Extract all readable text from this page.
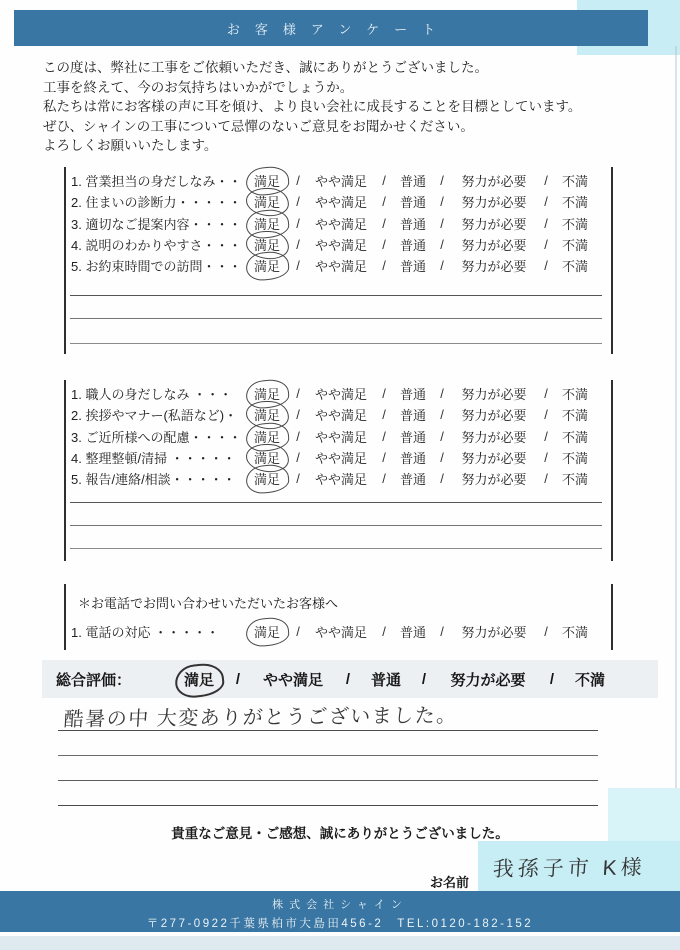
お客様アンケート
この度は、弊社に工事をご依頼いただき、誠にありがとうございました。
工事を終えて、今のお気持ちはいかがでしょうか。
私たちは常にお客様の声に耳を傾け、より良い会社に成長することを目標としています。
ぜひ、シャインの工事について忌憚のないご意見をお聞かせください。
よろしくお願いいたします。
1. 営業担当の身だしなみ・・ 満足	/	やや満足	/	普通	/	努力が必要	/	不満
2. 住まいの診断力・・・・・ 満足	/	やや満足	/	普通	/	努力が必要	/	不満
3. 適切なご提案内容・・・・ 満足	/	やや満足	/	普通	/	努力が必要	/	不満
4. 説明のわかりやすさ・・・ 満足	/	やや満足	/	普通	/	努力が必要	/	不満
5. お約束時間での訪問・・・ 満足	/	やや満足	/	普通	/	努力が必要	/	不満
1. 職人の身だしなみ ・・・	満足	/	やや満足	/	普通	/	努力が必要	/	不満
2. 挨拶やマナー(私語など)・	満足	/	やや満足	/	普通	/	努力が必要	/	不満
3. ご近所様への配慮・・・・ 満足	/	やや満足	/	普通	/	努力が必要	/	不満
4. 整理整頓/清掃 ・・・・・	満足	/	やや満足	/	普通	/	努力が必要	/	不満
5. 報告/連絡/相談・・・・・	満足	/	やや満足	/	普通	/	努力が必要	/	不満
＊お電話でお問い合わせいただいたお客様へ
1. 電話の対応 ・・・・・	満足	/	やや満足	/	普通	/	努力が必要	/	不満
総合評価：	満足	/	やや満足	/	普通	/	努力が必要	/	不満
酷暑の中 大変ありがとうございました。
貴重なご意見・ご感想、誠にありがとうございました。
お名前
我孫子市 K様
株式会社シャイン
〒277-0922千葉県柏市大島田456-2　TEL:0120-182-152
